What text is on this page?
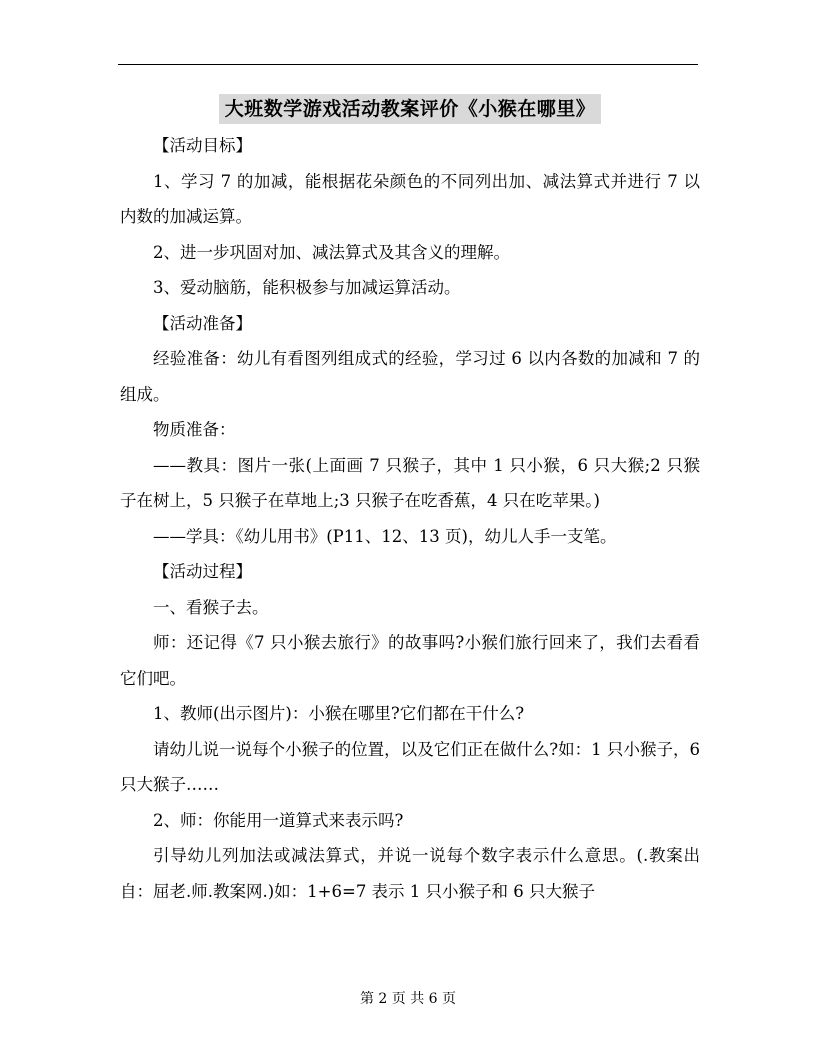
大班数学游戏活动教案评价《小猴在哪里》

【活动目标】

1、学习 7 的加减，能根据花朵颜色的不同列出加、减法算式并进行 7 以内数的加减运算。

2、进一步巩固对加、减法算式及其含义的理解。

3、爱动脑筋，能积极参与加减运算活动。

【活动准备】

经验准备：幼儿有看图列组成式的经验，学习过 6 以内各数的加减和 7 的组成。

物质准备：

——教具：图片一张(上面画 7 只猴子，其中 1 只小猴，6 只大猴;2 只猴子在树上，5 只猴子在草地上;3 只猴子在吃香蕉，4 只在吃苹果。)

——学具：《幼儿用书》(P11、12、13 页)，幼儿人手一支笔。

【活动过程】

一、看猴子去。

师：还记得《7 只小猴去旅行》的故事吗?小猴们旅行回来了，我们去看看它们吧。

1、教师(出示图片)：小猴在哪里?它们都在干什么?

请幼儿说一说每个小猴子的位置，以及它们正在做什么?如：1 只小猴子，6 只大猴子……

2、师：你能用一道算式来表示吗?

引导幼儿列加法或减法算式，并说一说每个数字表示什么意思。(.教案出自：屈老.师.教案网.)如：1+6=7 表示 1 只小猴子和 6 只大猴子

第 2 页 共 6 页
